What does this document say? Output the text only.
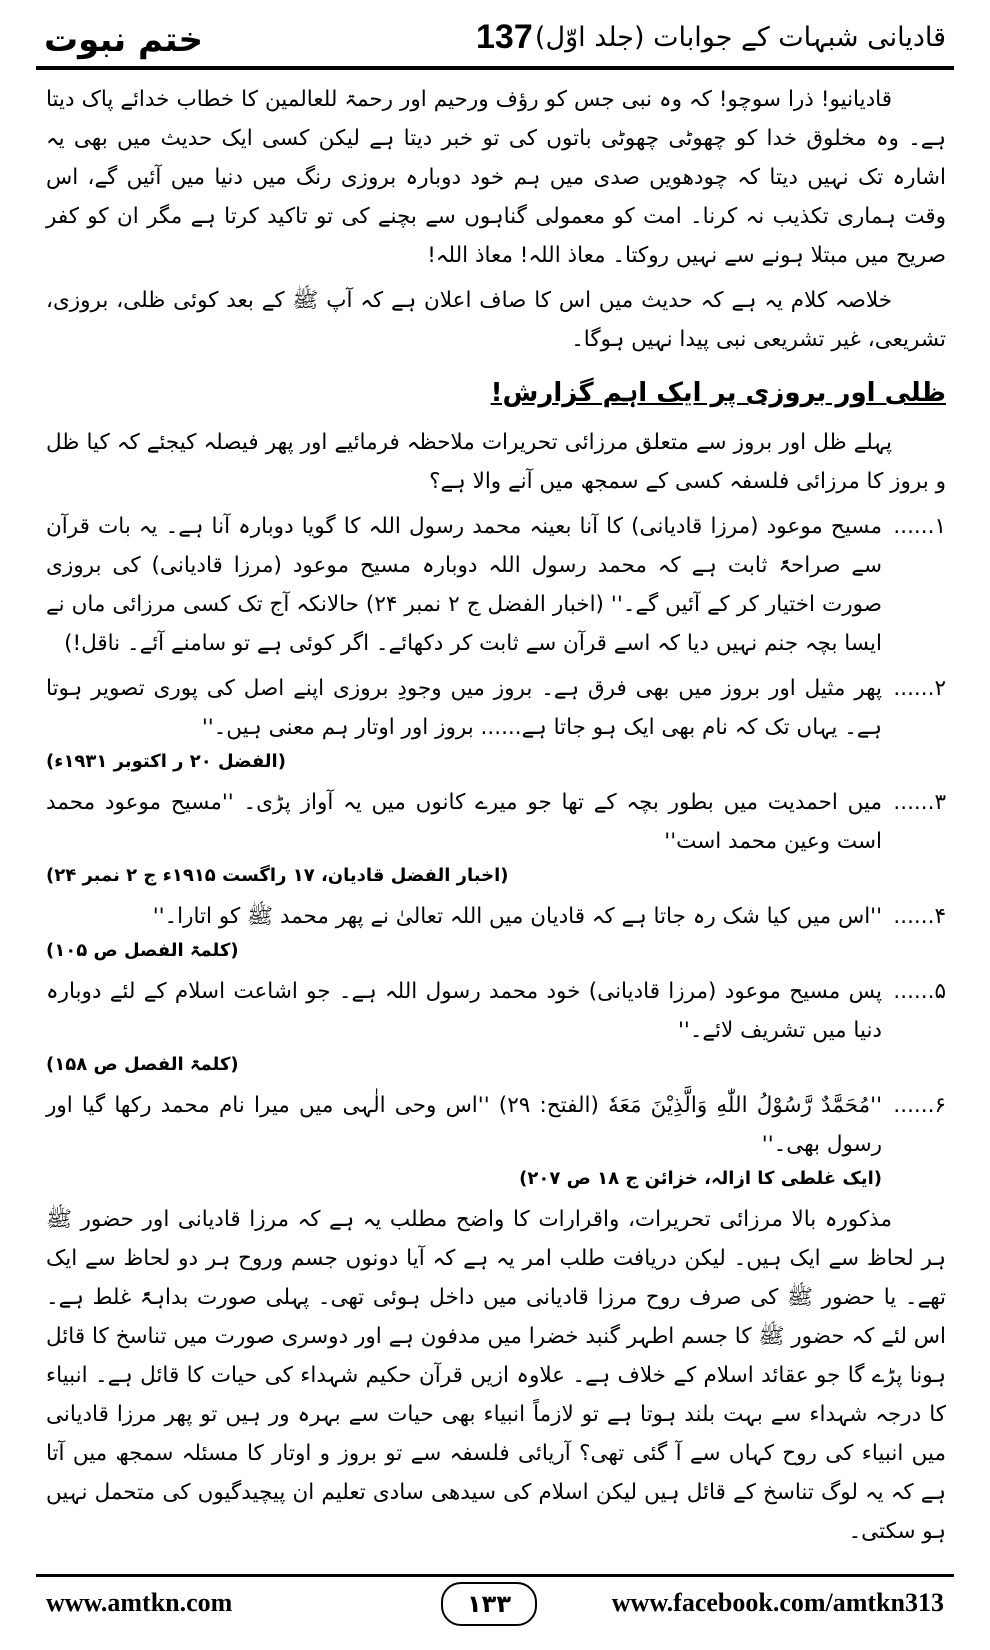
ختم نبوت	137 قادیانی شبہات کے جوابات (جلد اوّل)

قادیانیو! ذرا سوچو! کہ وہ نبی جس کو رؤف ورحیم اور رحمۃ للعالمین کا خطاب خدائے پاک دیتا ہے۔ وہ مخلوق خدا کو چھوٹی چھوٹی باتوں کی تو خبر دیتا ہے لیکن کسی ایک حدیث میں بھی یہ اشارہ تک نہیں دیتا کہ چودھویں صدی میں ہم خود دوبارہ بروزی رنگ میں دنیا میں آئیں گے، اس وقت ہماری تکذیب نہ کرنا۔ امت کو معمولی گناہوں سے بچنے کی تو تاکید کرتا ہے مگر ان کو کفر صریح میں مبتلا ہونے سے نہیں روکتا۔ معاذ اللہ! معاذ اللہ!

خلاصہ کلام یہ ہے کہ حدیث میں اس کا صاف اعلان ہے کہ آپ ﷺ کے بعد کوئی ظلی، بروزی، تشریعی، غیر تشریعی نبی پیدا نہیں ہوگا۔

ظلی اور بروزی پر ایک اہم گزارش!

پہلے ظل اور بروز سے متعلق مرزائی تحریرات ملاحظہ فرمائیے اور پھر فیصلہ کیجئے کہ کیا ظل و بروز کا مرزائی فلسفہ کسی کے سمجھ میں آنے والا ہے؟

۱......
مسیح موعود (مرزا قادیانی) کا آنا بعینہ محمد رسول اللہ کا گویا دوبارہ آنا ہے۔ یہ بات قرآن سے صراحۃً ثابت ہے کہ محمد رسول اللہ دوبارہ مسیح موعود (مرزا قادیانی) کی بروزی صورت اختیار کر کے آئیں گے۔'' (اخبار الفضل ج ۲ نمبر ۲۴) حالانکہ آج تک کسی مرزائی ماں نے ایسا بچہ جنم نہیں دیا کہ اسے قرآن سے ثابت کر دکھائے۔ اگر کوئی ہے تو سامنے آئے۔ ناقل!)
۲......
پھر مثیل اور بروز میں بھی فرق ہے۔ بروز میں وجودِ بروزی اپنے اصل کی پوری تصویر ہوتا ہے۔ یہاں تک کہ نام بھی ایک ہو جاتا ہے...... بروز اور اوتار ہم معنی ہیں۔''
(الفضل ۲۰ ر اکتوبر ۱۹۳۱ء)
۳......
میں احمدیت میں بطور بچہ کے تھا جو میرے کانوں میں یہ آواز پڑی۔ ''مسیح موعود محمد است وعین محمد است''
(اخبار الفضل قادیان، ۱۷ راگست ۱۹۱۵ء ج ۲ نمبر ۲۴)
۴......
''اس میں کیا شک رہ جاتا ہے کہ قادیان میں اللہ تعالیٰ نے پھر محمد ﷺ کو اتارا۔''
(کلمۃ الفصل ص ۱۰۵)
۵......
پس مسیح موعود (مرزا قادیانی) خود محمد رسول اللہ ہے۔ جو اشاعت اسلام کے لئے دوبارہ دنیا میں تشریف لائے۔''
(کلمۃ الفصل ص ۱۵۸)
۶......
''مُحَمَّدٌ رَّسُوْلُ اللّٰهِ وَالَّذِيْنَ مَعَهٗ (الفتح: ۲۹) ''اس وحی الٰہی میں میرا نام محمد رکھا گیا اور رسول بھی۔''
(ایک غلطی کا ازالہ، خزائن ج ۱۸ ص ۲۰۷)

مذکورہ بالا مرزائی تحریرات، واقرارات کا واضح مطلب یہ ہے کہ مرزا قادیانی اور حضور ﷺ ہر لحاظ سے ایک ہیں۔ لیکن دریافت طلب امر یہ ہے کہ آیا دونوں جسم وروح ہر دو لحاظ سے ایک تھے۔ یا حضور ﷺ کی صرف روح مرزا قادیانی میں داخل ہوئی تھی۔ پہلی صورت بداہۃً غلط ہے۔ اس لئے کہ حضور ﷺ کا جسم اطہر گنبد خضرا میں مدفون ہے اور دوسری صورت میں تناسخ کا قائل ہونا پڑے گا جو عقائد اسلام کے خلاف ہے۔ علاوہ ازیں قرآن حکیم شہداء کی حیات کا قائل ہے۔ انبیاء کا درجہ شہداء سے بہت بلند ہوتا ہے تو لازماً انبیاء بھی حیات سے بہرہ ور ہیں تو پھر مرزا قادیانی میں انبیاء کی روح کہاں سے آ گئی تھی؟ آریائی فلسفہ سے تو بروز و اوتار کا مسئلہ سمجھ میں آتا ہے کہ یہ لوگ تناسخ کے قائل ہیں لیکن اسلام کی سیدھی سادی تعلیم ان پیچیدگیوں کی متحمل نہیں ہو سکتی۔

www.amtkn.com	۱۳۳	www.facebook.com/amtkn313
